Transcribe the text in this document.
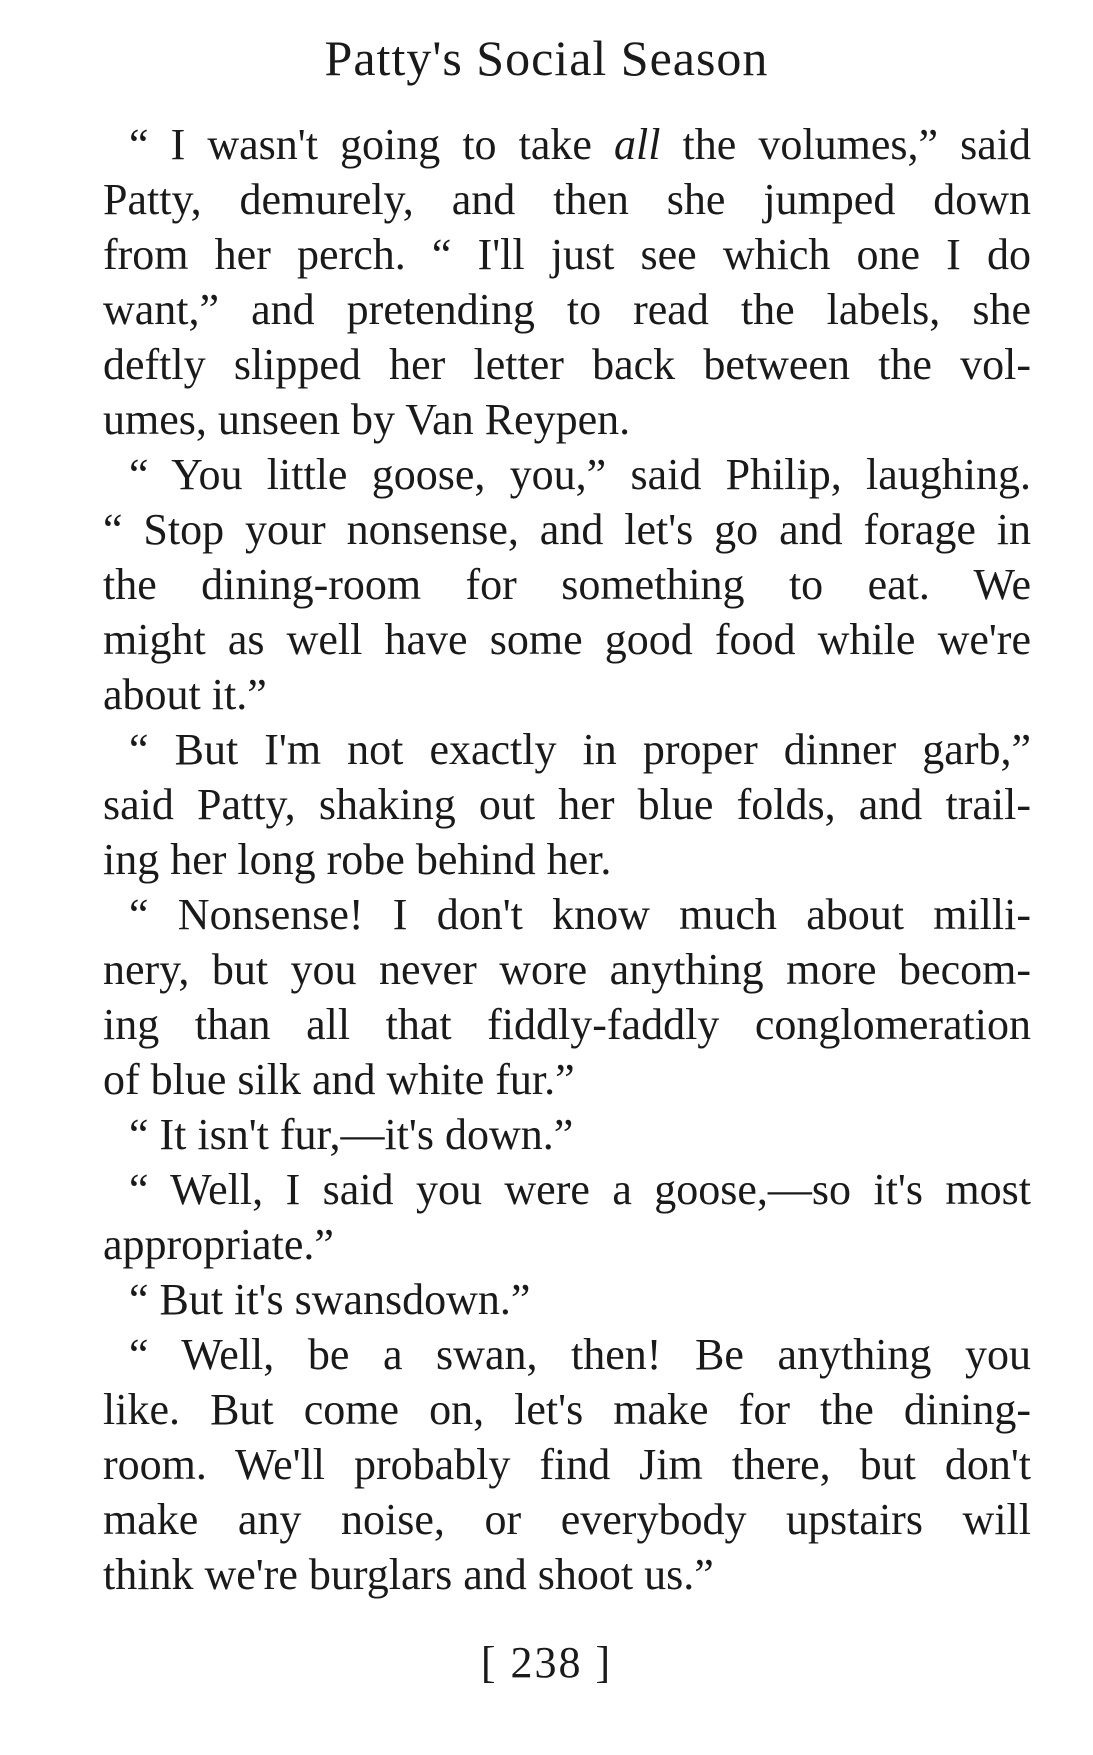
Patty's Social Season
“ I wasn't going to take all the volumes,” said
Patty, demurely, and then she jumped down
from her perch. “ I'll just see which one I do
want,” and pretending to read the labels, she
deftly slipped her letter back between the vol-
umes, unseen by Van Reypen.
“ You little goose, you,” said Philip, laughing.
“ Stop your nonsense, and let's go and forage in
the dining-room for something to eat. We
might as well have some good food while we're
about it.”
“ But I'm not exactly in proper dinner garb,”
said Patty, shaking out her blue folds, and trail-
ing her long robe behind her.
“ Nonsense! I don't know much about milli-
nery, but you never wore anything more becom-
ing than all that fiddly-faddly conglomeration
of blue silk and white fur.”
“ It isn't fur,—it's down.”
“ Well, I said you were a goose,—so it's most
appropriate.”
“ But it's swansdown.”
“ Well, be a swan, then! Be anything you
like. But come on, let's make for the dining-
room. We'll probably find Jim there, but don't
make any noise, or everybody upstairs will
think we're burglars and shoot us.”
[ 238 ]
